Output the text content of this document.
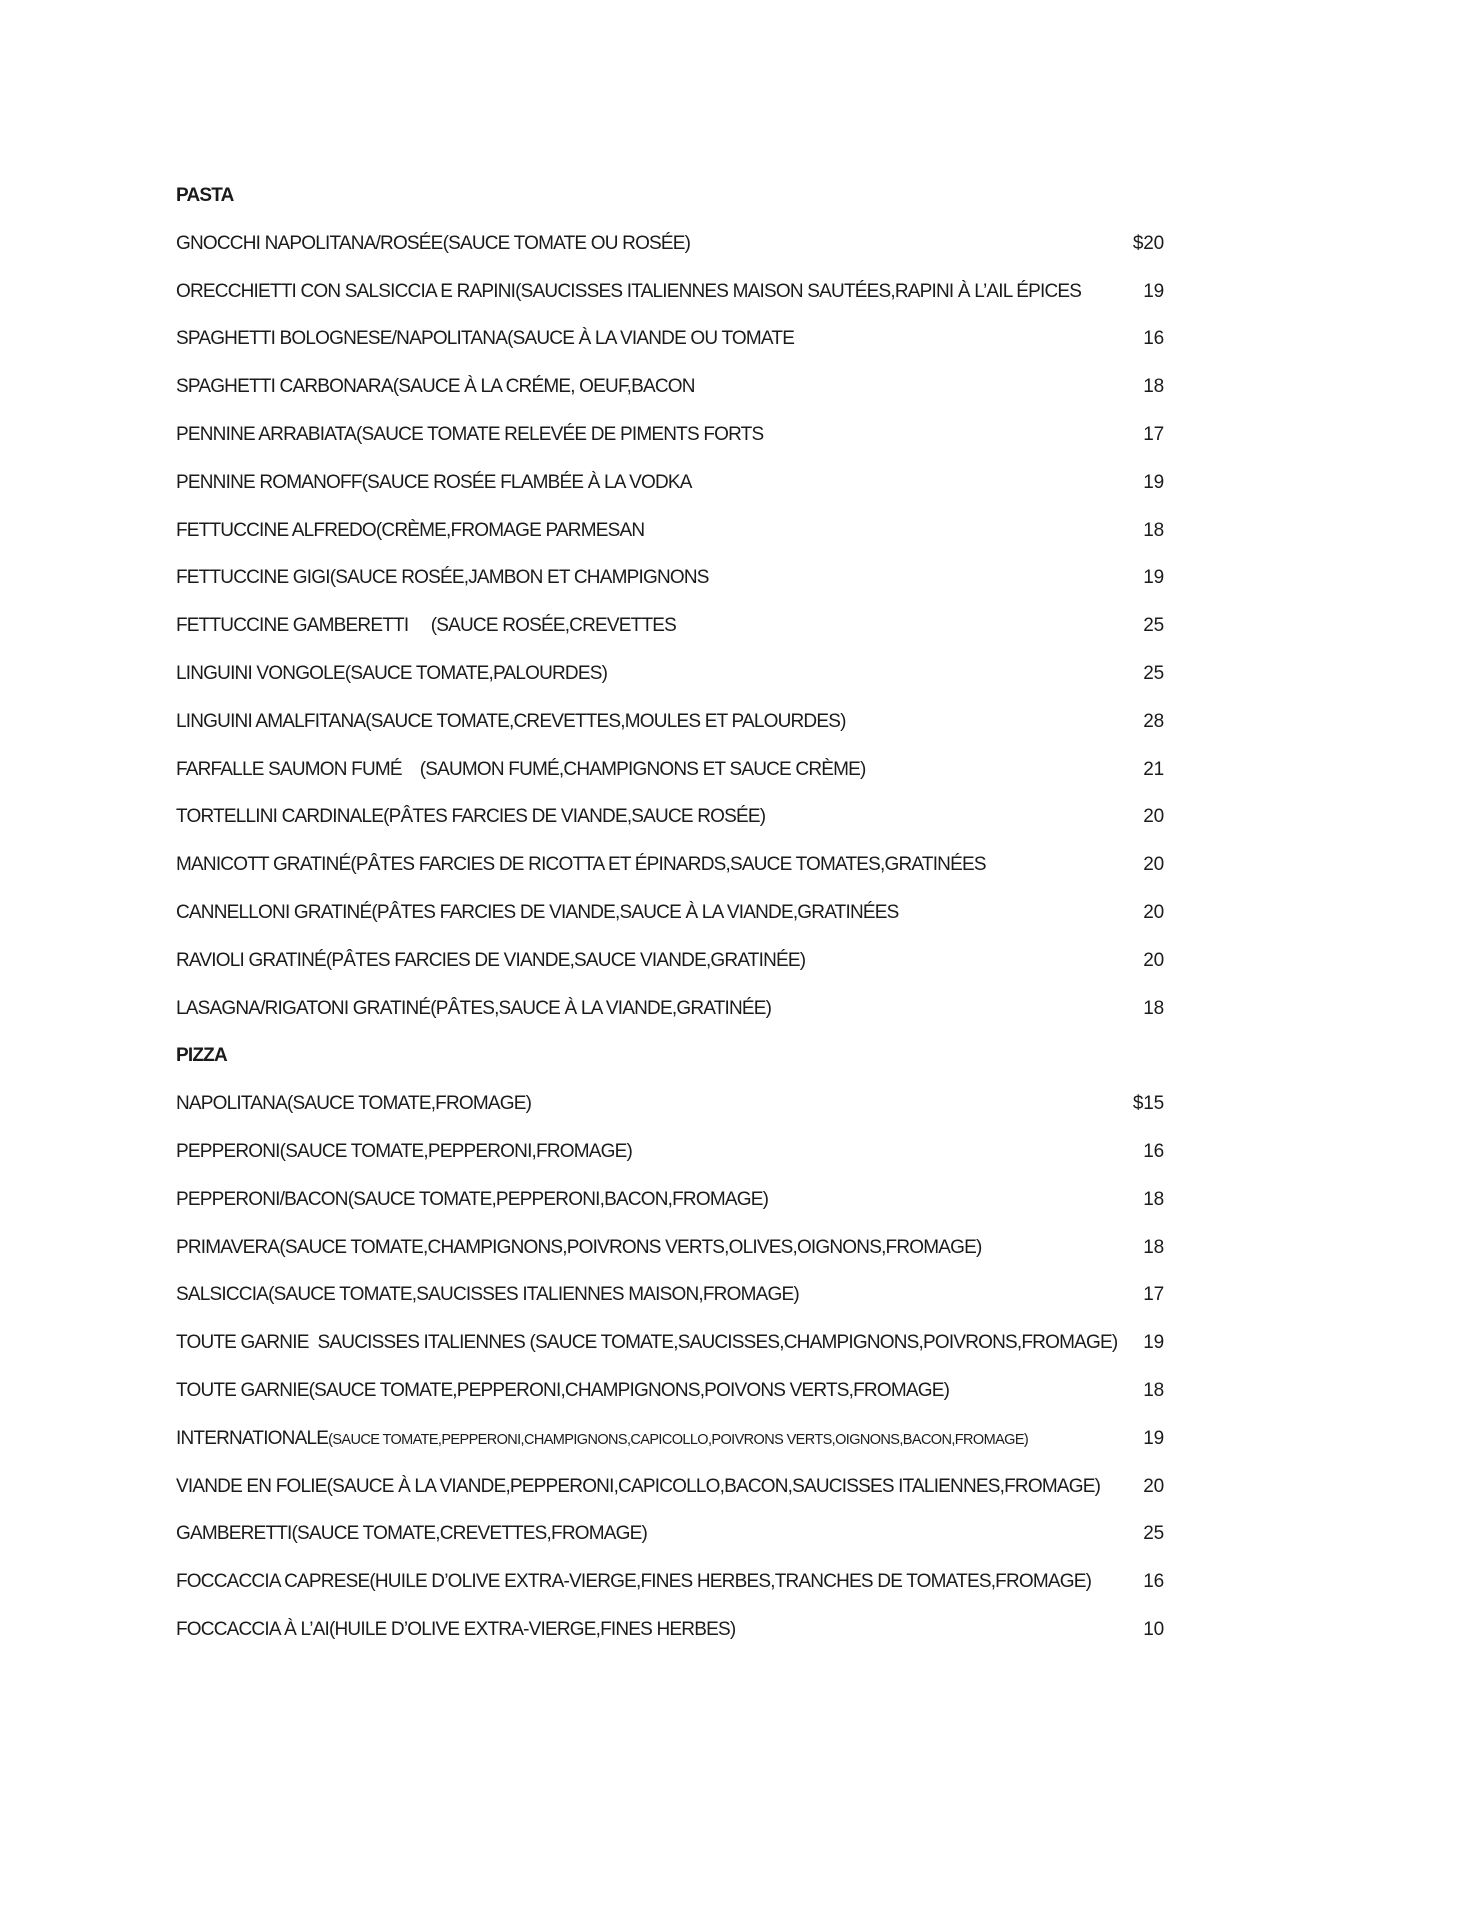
PASTA
GNOCCHI NAPOLITANA/ROSÉE(SAUCE TOMATE OU ROSÉE)	$20
ORECCHIETTI CON SALSICCIA E RAPINI(SAUCISSES ITALIENNES MAISON SAUTÉES,RAPINI À L’AIL ÉPICES	19
SPAGHETTI BOLOGNESE/NAPOLITANA(SAUCE À LA VIANDE OU TOMATE	16
SPAGHETTI CARBONARA(SAUCE À LA CRÉME, OEUF,BACON	18
PENNINE ARRABIATA(SAUCE TOMATE RELEVÉE DE PIMENTS FORTS	17
PENNINE ROMANOFF(SAUCE ROSÉE FLAMBÉE À LA VODKA	19
FETTUCCINE ALFREDO(CRÈME,FROMAGE PARMESAN	18
FETTUCCINE GIGI(SAUCE ROSÉE,JAMBON ET CHAMPIGNONS	19
FETTUCCINE GAMBERETTI     (SAUCE ROSÉE,CREVETTES	25
LINGUINI VONGOLE(SAUCE TOMATE,PALOURDES)	25
LINGUINI AMALFITANA(SAUCE TOMATE,CREVETTES,MOULES ET PALOURDES)	28
FARFALLE SAUMON FUMÉ    (SAUMON FUMÉ,CHAMPIGNONS ET SAUCE CRÈME)	21
TORTELLINI CARDINALE(PÂTES FARCIES DE VIANDE,SAUCE ROSÉE)	20
MANICOTT GRATINÉ(PÂTES FARCIES DE RICOTTA ET ÉPINARDS,SAUCE TOMATES,GRATINÉES	20
CANNELLONI GRATINÉ(PÂTES FARCIES DE VIANDE,SAUCE À LA VIANDE,GRATINÉES	20
RAVIOLI GRATINÉ(PÂTES FARCIES DE VIANDE,SAUCE VIANDE,GRATINÉE)	20
LASAGNA/RIGATONI GRATINÉ(PÂTES,SAUCE À LA VIANDE,GRATINÉE)	18
PIZZA
NAPOLITANA(SAUCE TOMATE,FROMAGE)	$15
PEPPERONI(SAUCE TOMATE,PEPPERONI,FROMAGE)	16
PEPPERONI/BACON(SAUCE TOMATE,PEPPERONI,BACON,FROMAGE)	18
PRIMAVERA(SAUCE TOMATE,CHAMPIGNONS,POIVRONS VERTS,OLIVES,OIGNONS,FROMAGE)	18
SALSICCIA(SAUCE TOMATE,SAUCISSES ITALIENNES MAISON,FROMAGE)	17
TOUTE GARNIE  SAUCISSES ITALIENNES (SAUCE TOMATE,SAUCISSES,CHAMPIGNONS,POIVRONS,FROMAGE) 19
TOUTE GARNIE(SAUCE TOMATE,PEPPERONI,CHAMPIGNONS,POIVONS VERTS,FROMAGE)	18
INTERNATIONALE(SAUCE TOMATE,PEPPERONI,CHAMPIGNONS,CAPICOLLO,POIVRONS VERTS,OIGNONS,BACON,FROMAGE)	19
VIANDE EN FOLIE(SAUCE À LA VIANDE,PEPPERONI,CAPICOLLO,BACON,SAUCISSES ITALIENNES,FROMAGE) 20
GAMBERETTI(SAUCE TOMATE,CREVETTES,FROMAGE)	25
FOCCACCIA CAPRESE(HUILE D’OLIVE EXTRA-VIERGE,FINES HERBES,TRANCHES DE TOMATES,FROMAGE)	16
FOCCACCIA À L’AI(HUILE D’OLIVE EXTRA-VIERGE,FINES HERBES)	10
